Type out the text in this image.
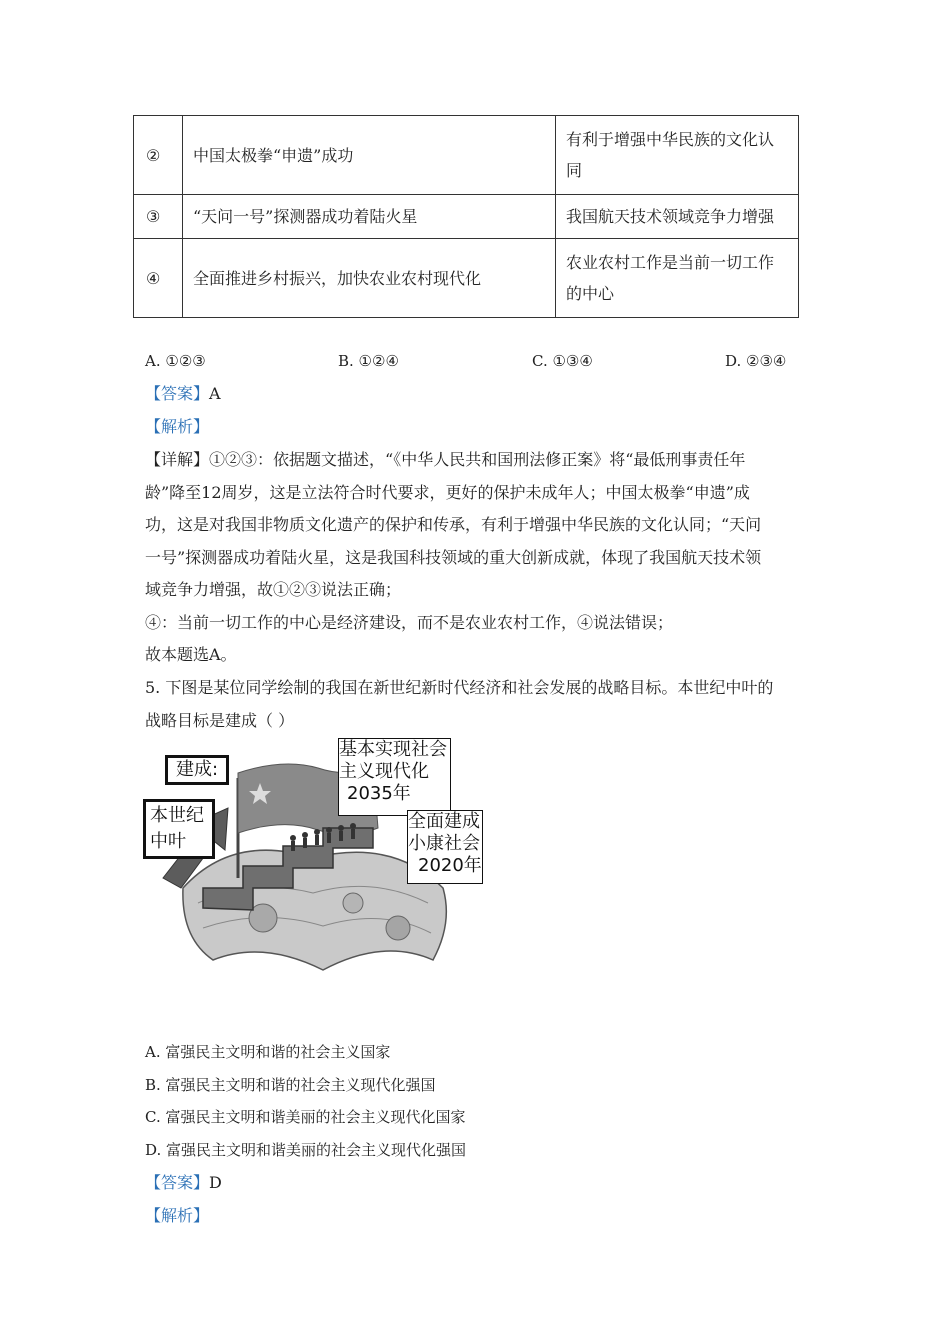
②	中国太极拳“申遗”成功	有利于增强中华民族的文化认
同

③	“天问一号”探测器成功着陆火星	我国航天技术领域竞争力增强
④	全面推进乡村振兴，加快农业农村现代化	农业农村工作是当前一切工作
的中心
A. ①②③	B. ①②④	C. ①③④	D. ②③④
【答案】A
【解析】
【详解】①②③：依据题文描述，“《中华人民共和国刑法修正案》将“最低刑事责任年
龄”降至12周岁，这是立法符合时代要求，更好的保护未成年人；中国太极拳“申遗”成
功，这是对我国非物质文化遗产的保护和传承，有利于增强中华民族的文化认同；“天问
一号”探测器成功着陆火星，这是我国科技领域的重大创新成就，体现了我国航天技术领
域竞争力增强，故①②③说法正确；
④：当前一切工作的中心是经济建设，而不是农业农村工作，④说法错误；
故本题选A。
5. 下图是某位同学绘制的我国在新世纪新时代经济和社会发展的战略目标。本世纪中叶的
战略目标是建成（ ）
建成:
本世纪
中叶
基本实现社会
主义现代化
2035年
全面建成
小康社会
2020年
A. 富强民主文明和谐的社会主义国家
B. 富强民主文明和谐的社会主义现代化强国
C. 富强民主文明和谐美丽的社会主义现代化国家
D. 富强民主文明和谐美丽的社会主义现代化强国
【答案】D
【解析】
